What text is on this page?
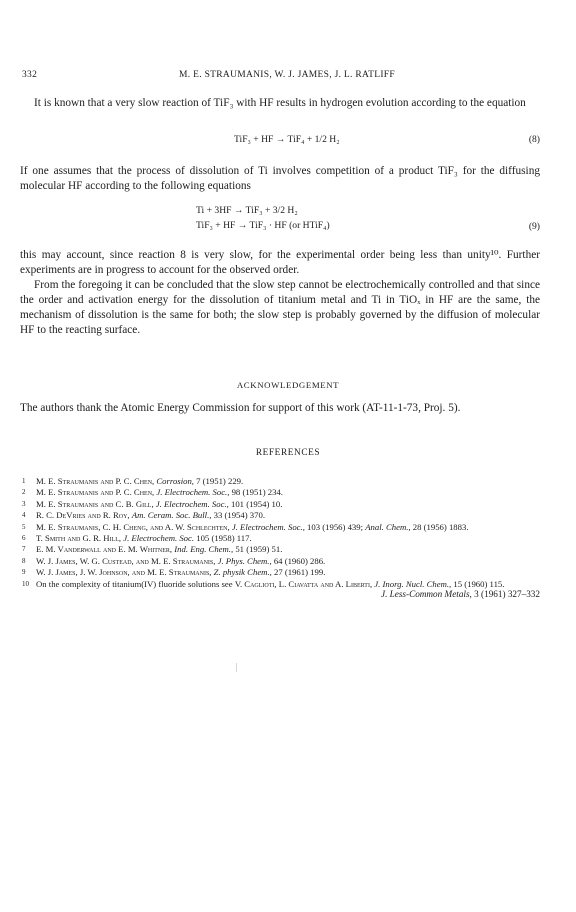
332	M. E. STRAUMANIS, W. J. JAMES, J. L. RATLIFF
It is known that a very slow reaction of TiF₃ with HF results in hydrogen evolution according to the equation
TiF₃ + HF → TiF₄ + 1/2 H₂	(8)
If one assumes that the process of dissolution of Ti involves competition of a product TiF₃ for the diffusing molecular HF according to the following equations
Ti + 3HF → TiF₃ + 3/2 H₂
TiF₃ + HF → TiF₃ · HF (or HTiF₄)	(9)
this may account, since reaction 8 is very slow, for the experimental order being less than unity¹⁰. Further experiments are in progress to account for the observed order.
From the foregoing it can be concluded that the slow step cannot be electrochemically controlled and that since the order and activation energy for the dissolution of titanium metal and Ti in TiOₓ in HF are the same, the mechanism of dissolution is the same for both; the slow step is probably governed by the diffusion of molecular HF to the reacting surface.
ACKNOWLEDGEMENT
The authors thank the Atomic Energy Commission for support of this work (AT-11-1-73, Proj. 5).
REFERENCES
1	M. E. Straumanis and P. C. Chen, Corrosion, 7 (1951) 229.
2	M. E. Straumanis and P. C. Chen, J. Electrochem. Soc., 98 (1951) 234.
3	M. E. Straumanis and C. B. Gill, J. Electrochem. Soc., 101 (1954) 10.
4	R. C. DeVries and R. Roy, Am. Ceram. Soc. Bull., 33 (1954) 370.
5	M. E. Straumanis, C. H. Cheng, and A. W. Schlechten, J. Electrochem. Soc., 103 (1956) 439; Anal. Chem., 28 (1956) 1883.
6	T. Smith and G. R. Hill, J. Electrochem. Soc. 105 (1958) 117.
7	E. M. Vanderwall and E. M. Whitner, Ind. Eng. Chem., 51 (1959) 51.
8	W. J. James, W. G. Custead, and M. E. Straumanis, J. Phys. Chem., 64 (1960) 286.
9	W. J. James, J. W. Johnson, and M. E. Straumanis, Z. physik Chem., 27 (1961) 199.
10 On the complexity of titanium(IV) fluoride solutions see V. Caglioti, L. Ciavatta and A. Liberti, J. Inorg. Nucl. Chem., 15 (1960) 115.
J. Less-Common Metals, 3 (1961) 327–332
